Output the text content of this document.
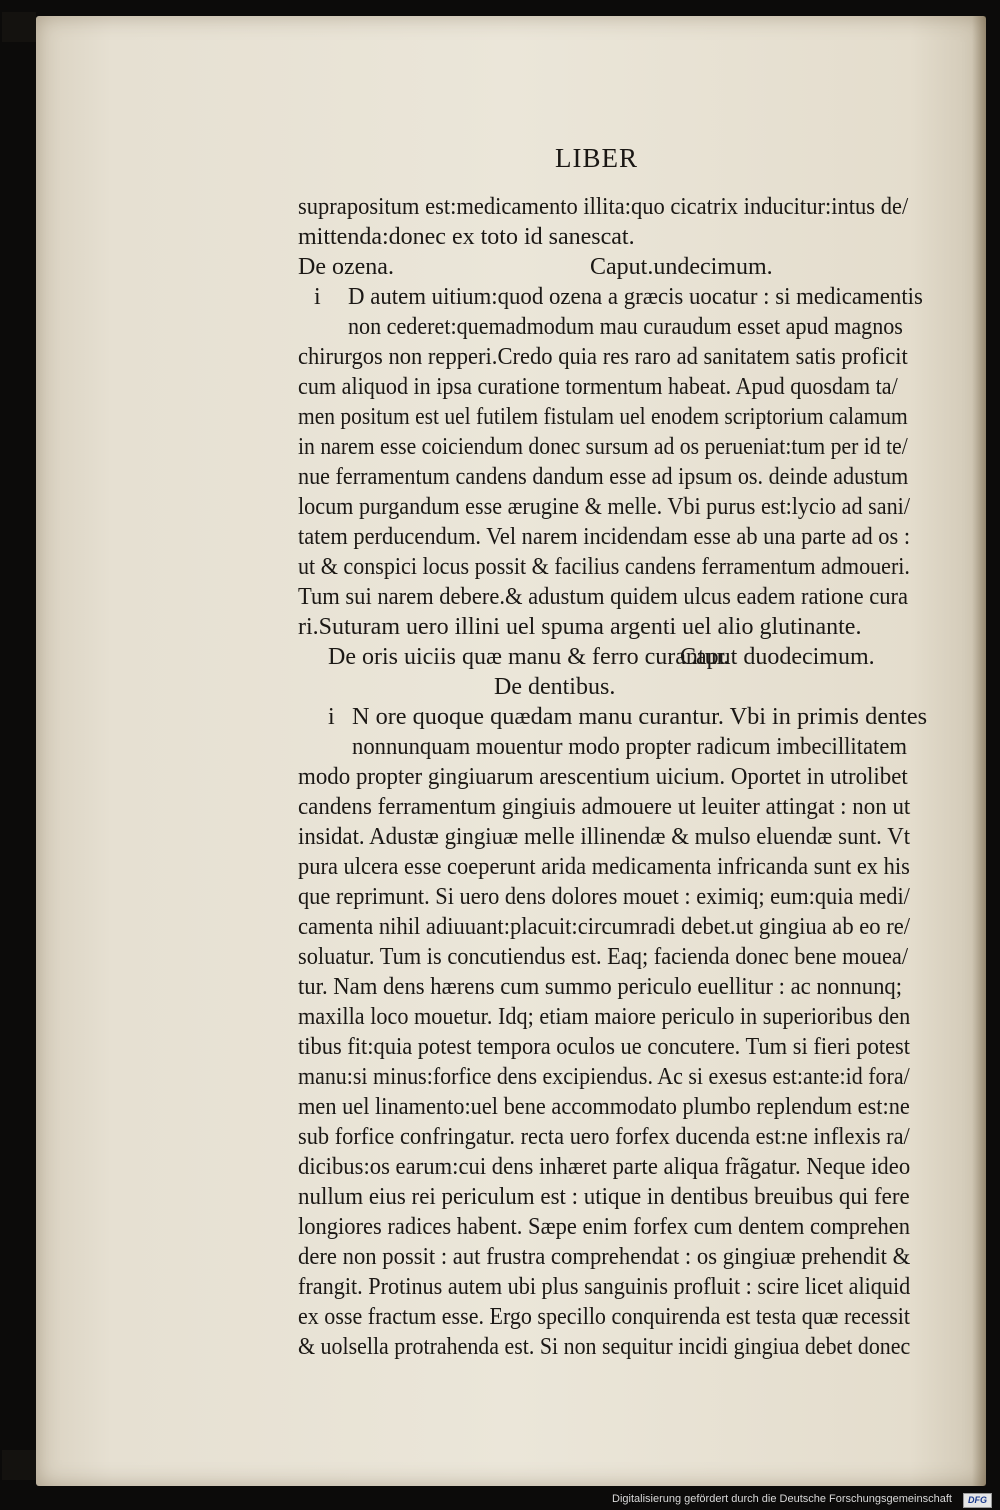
LIBER
suprapositum est:medicamento illita:quo cicatrix inducitur:intus de/
mittenda:donec ex toto id sanescat.
De ozena.	Caput.undecimum.
i D autem uitium:quod ozena a græcis uocatur : si medicamentis
non cederet:quemadmodum mau curaudum esset apud magnos
chirurgos non repperi.Credo quia res raro ad sanitatem satis proficit
cum aliquod in ipsa curatione tormentum habeat. Apud quosdam ta/
men positum est uel futilem fistulam uel enodem scriptorium calamum
in narem esse coiciendum donec sursum ad os perueniat:tum per id te/
nue ferramentum candens dandum esse ad ipsum os. deinde adustum
locum purgandum esse ærugine & melle. Vbi purus est:lycio ad sani/
tatem perducendum. Vel narem incidendam esse ab una parte ad os :
ut & conspici locus possit & facilius candens ferramentum admoueri.
Tum sui narem debere.& adustum quidem ulcus eadem ratione cura
ri.Suturam uero illini uel spuma argenti uel alio glutinante.
De oris uiciis quæ manu & ferro curantur.
Caput duodecimum.
De dentibus.
i N ore quoque quædam manu curantur. Vbi in primis dentes
nonnunquam mouentur modo propter radicum imbecillitatem
modo propter gingiuarum arescentium uicium. Oportet in utrolibet
candens ferramentum gingiuis admouere ut leuiter attingat : non ut
insidat. Adustæ gingiuæ melle illinendæ & mulso eluendæ sunt. Vt
pura ulcera esse coeperunt arida medicamenta infricanda sunt ex his
que reprimunt. Si uero dens dolores mouet : eximiq; eum:quia medi/
camenta nihil adiuuant:placuit:circumradi debet.ut gingiua ab eo re/
soluatur. Tum is concutiendus est. Eaq; facienda donec bene mouea/
tur. Nam dens hærens cum summo periculo euellitur : ac nonnunq;
maxilla loco mouetur. Idq; etiam maiore periculo in superioribus den
tibus fit:quia potest tempora oculos ue concutere. Tum si fieri potest
manu:si minus:forfice dens excipiendus. Ac si exesus est:ante:id fora/
men uel linamento:uel bene accommodato plumbo replendum est:ne
sub forfice confringatur. recta uero forfex ducenda est:ne inflexis ra/
dicibus:os earum:cui dens inhæret parte aliqua frãgatur. Neque ideo
nullum eius rei periculum est : utique in dentibus breuibus qui fere
longiores radices habent. Sæpe enim forfex cum dentem comprehen
dere non possit : aut frustra comprehendat : os gingiuæ prehendit &
frangit. Protinus autem ubi plus sanguinis profluit : scire licet aliquid
ex osse fractum esse. Ergo specillo conquirenda est testa quæ recessit
& uolsella protrahenda est. Si non sequitur incidi gingiua debet donec
Digitalisierung gefördert durch die Deutsche Forschungsgemeinschaft	DFG
